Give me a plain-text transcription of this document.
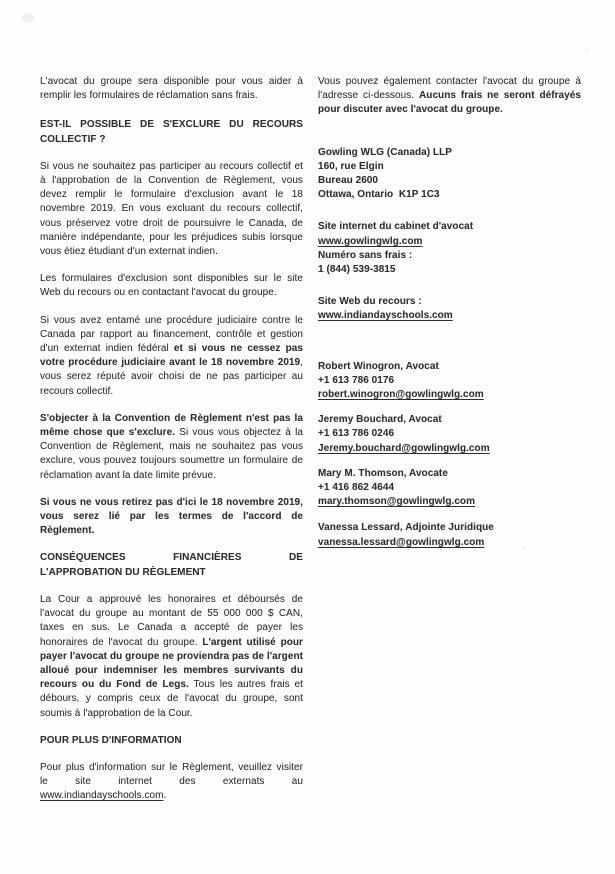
L'avocat du groupe sera disponible pour vous aider à remplir les formulaires de réclamation sans frais.
EST-IL POSSIBLE DE S'EXCLURE DU RECOURS COLLECTIF ?
Si vous ne souhaitez pas participer au recours collectif et à l'approbation de la Convention de Règlement, vous devez remplir le formulaire d'exclusion avant le 18 novembre 2019. En vous excluant du recours collectif, vous préservez votre droit de poursuivre le Canada, de manière indépendante, pour les préjudices subis lorsque vous étiez étudiant d'un externat indien.
Les formulaires d'exclusion sont disponibles sur le site Web du recours ou en contactant l'avocat du groupe.
Si vous avez entamé une procédure judiciaire contre le Canada par rapport au financement, contrôle et gestion d'un externat indien fédéral et si vous ne cessez pas votre procédure judiciaire avant le 18 novembre 2019, vous serez réputé avoir choisi de ne pas participer au recours collectif.
S'objecter à la Convention de Règlement n'est pas la même chose que s'exclure. Si vous vous objectez à la Convention de Règlement, mais ne souhaitez pas vous exclure, vous pouvez toujours soumettre un formulaire de réclamation avant la date limite prévue.
Si vous ne vous retirez pas d'ici le 18 novembre 2019, vous serez lié par les termes de l'accord de Règlement.
CONSÉQUENCES FINANCIÈRES DE
L'APPROBATION DU RÈGLEMENT
La Cour a approuvé les honoraires et déboursés de l'avocat du groupe au montant de 55 000 000 $ CAN, taxes en sus. Le Canada a accepté de payer les honoraires de l'avocat du groupe. L'argent utilisé pour payer l'avocat du groupe ne proviendra pas de l'argent alloué pour indemniser les membres survivants du recours ou du Fond de Legs. Tous les autres frais et débours, y compris ceux de l'avocat du groupe, sont soumis à l'approbation de la Cour.
POUR PLUS D'INFORMATION
Pour plus d'information sur le Règlement, veuillez visiter
le site internet des externats au
www.indiandayschools.com.
Vous pouvez également contacter l'avocat du groupe à l'adresse ci-dessous. Aucuns frais ne seront défrayés pour discuter avec l'avocat du groupe.
Gowling WLG (Canada) LLP
160, rue Elgin
Bureau 2600
Ottawa, Ontario  K1P 1C3
Site internet du cabinet d'avocat
www.gowlingwlg.com
Numéro sans frais :
1 (844) 539-3815
Site Web du recours :
www.indiandayschools.com
Robert Winogron, Avocat
+1 613 786 0176
robert.winogron@gowlingwlg.com
Jeremy Bouchard, Avocat
+1 613 786 0246
Jeremy.bouchard@gowlingwlg.com
Mary M. Thomson, Avocate
+1 416 862 4644
mary.thomson@gowlingwlg.com
Vanessa Lessard, Adjointe Juridique
vanessa.lessard@gowlingwlg.com
